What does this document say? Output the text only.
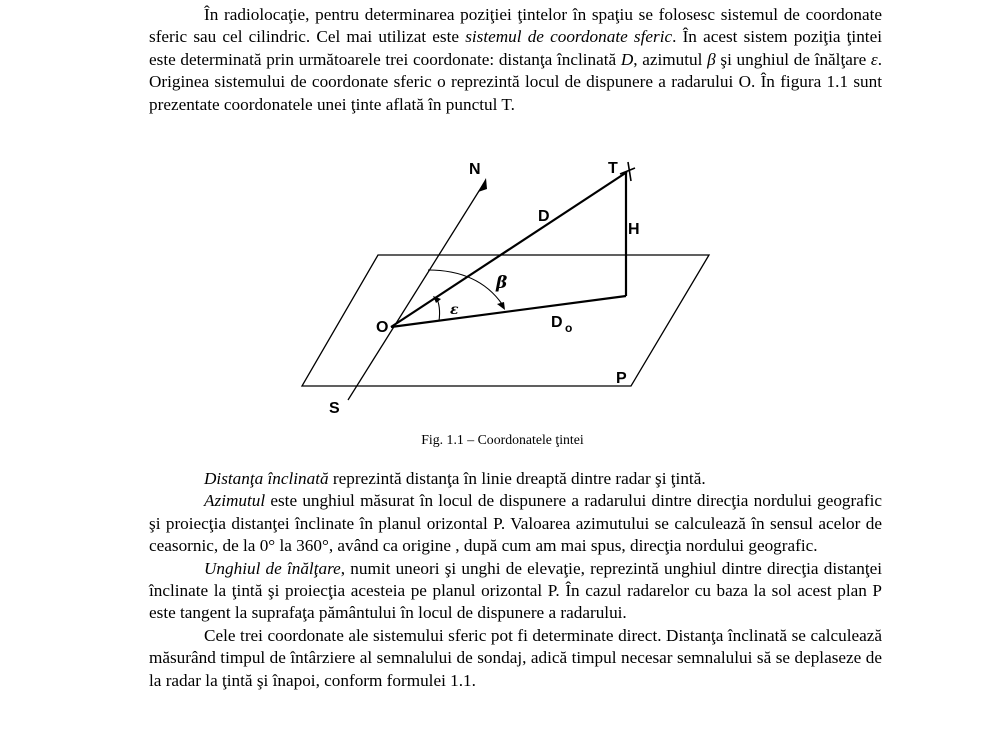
În radiolocaţie, pentru determinarea poziţiei ţintelor în spaţiu se folosesc sistemul de coordonate sferic sau cel cilindric. Cel mai utilizat este sistemul de coordonate sferic. În acest sistem poziţia ţintei este determinată prin următoarele trei coordonate: distanţa înclinată D, azimutul β şi unghiul de înălţare ε. Originea sistemului de coordonate sferic o reprezintă locul de dispunere a radarului O. În figura 1.1 sunt prezentate coordonatele unei ţinte aflată în punctul T.

N	T
D
H
β
ε
O	D o
P
S
Fig. 1.1 – Coordonatele ţintei

Distanţa înclinată reprezintă distanţa în linie dreaptă dintre radar şi ţintă.

Azimutul este unghiul măsurat în locul de dispunere a radarului dintre direcţia nordului geografic şi proiecţia distanţei înclinate în planul orizontal P. Valoarea azimutului se calculează în sensul acelor de ceasornic, de la 0° la 360°, având ca origine , după cum am mai spus, direcţia nordului geografic.

Unghiul de înălţare, numit uneori şi unghi de elevaţie, reprezintă unghiul dintre direcţia distanţei înclinate la ţintă şi proiecţia acesteia pe planul orizontal P. În cazul radarelor cu baza la sol acest plan P este tangent la suprafaţa pământului în locul de dispunere a radarului.

Cele trei coordonate ale sistemului sferic pot fi determinate direct. Distanţa înclinată se calculează măsurând timpul de întârziere al semnalului de sondaj, adică timpul necesar semnalului să se deplaseze de la radar la ţintă şi înapoi, conform formulei 1.1.
